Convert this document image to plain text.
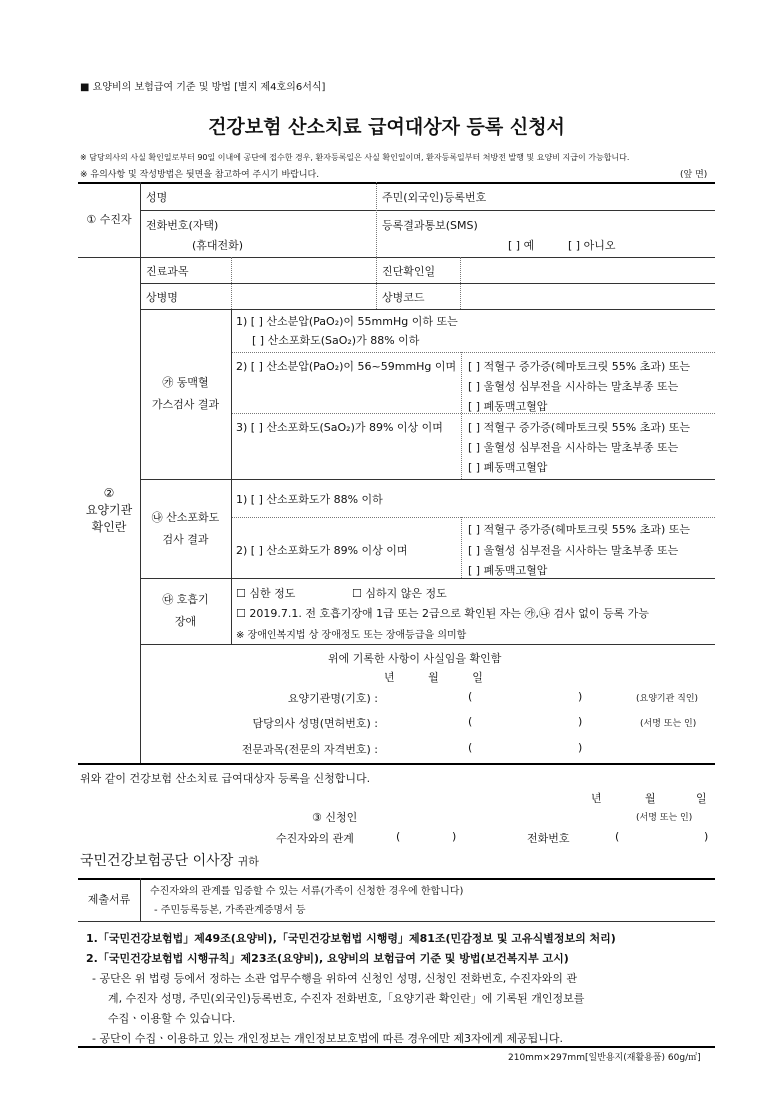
■ 요양비의 보험급여 기준 및 방법 [별지 제4호의6서식]
건강보험 산소치료 급여대상자 등록 신청서
※ 담당의사의 사실 확인일로부터 90일 이내에 공단에 접수한 경우, 환자등록일은 사실 확인일이며, 환자등록일부터 처방전 발행 및 요양비 지급이 가능합니다.
※ 유의사항 및 작성방법은 뒷면을 참고하여 주시기 바랍니다.	(앞 면)
① 수진자
성명	주민(외국인)등록번호
전화번호(자택)
(휴대전화)
등록결과통보(SMS)
[ ] 예	[ ] 아니오
②
요양기관
확인란
진료과목	진단확인일
상병명	상병코드
㉮ 동맥혈
가스검사 결과
1) [ ] 산소분압(PaO₂)이 55mmHg 이하 또는
[ ] 산소포화도(SaO₂)가 88% 이하
2) [ ] 산소분압(PaO₂)이 56~59mmHg 이며 [ ] 적혈구 증가증(헤마토크릿 55% 초과) 또는
[ ] 울혈성 심부전을 시사하는 말초부종 또는
[ ] 폐동맥고혈압
3) [ ] 산소포화도(SaO₂)가 89% 이상 이며 [ ] 적혈구 증가증(헤마토크릿 55% 초과) 또는
[ ] 울혈성 심부전을 시사하는 말초부종 또는
[ ] 폐동맥고혈압
㉯ 산소포화도
검사 결과
1) [ ] 산소포화도가 88% 이하
2) [ ] 산소포화도가 89% 이상 이며
[ ] 적혈구 증가증(헤마토크릿 55% 초과) 또는
[ ] 울혈성 심부전을 시사하는 말초부종 또는
[ ] 폐동맥고혈압
㉰ 호흡기
장애
☐ 심한 정도	☐ 심하지 않은 정도
☐ 2019.7.1. 전 호흡기장애 1급 또는 2급으로 확인된 자는 ㉮,㉯ 검사 없이 등록 가능
※ 장애인복지법 상 장애정도 또는 장애등급을 의미함
위에 기록한 사항이 사실임을 확인함
년 월 일
요양기관명(기호) :	(	)	(요양기관 직인)
담당의사 성명(면허번호) :	(	)	(서명 또는 인)
전문과목(전문의 자격번호) :	(	)
위와 같이 건강보험 산소치료 급여대상자 등록을 신청합니다.
년	월	일
③ 신청인	(서명 또는 인)
수진자와의 관계	(	)	전화번호	(	)
국민건강보험공단 이사장 귀하
제출서류
수진자와의 관계를 입증할 수 있는 서류(가족이 신청한 경우에 한합니다)
- 주민등록등본, 가족관계증명서 등
1.「국민건강보험법」제49조(요양비),「국민건강보험법 시행령」제81조(민감정보 및 고유식별정보의 처리)
2.「국민건강보험법 시행규칙」제23조(요양비), 요양비의 보험급여 기준 및 방법(보건복지부 고시)
- 공단은 위 법령 등에서 정하는 소관 업무수행을 위하여 신청인 성명, 신청인 전화번호, 수진자와의 관
계, 수진자 성명, 주민(외국인)등록번호, 수진자 전화번호,「요양기관 확인란」에 기록된 개인정보를
수집ㆍ이용할 수 있습니다.
- 공단이 수집ㆍ이용하고 있는 개인정보는 개인정보보호법에 따른 경우에만 제3자에게 제공됩니다.
210mm×297mm[일반용지(재활용품) 60g/㎡]
